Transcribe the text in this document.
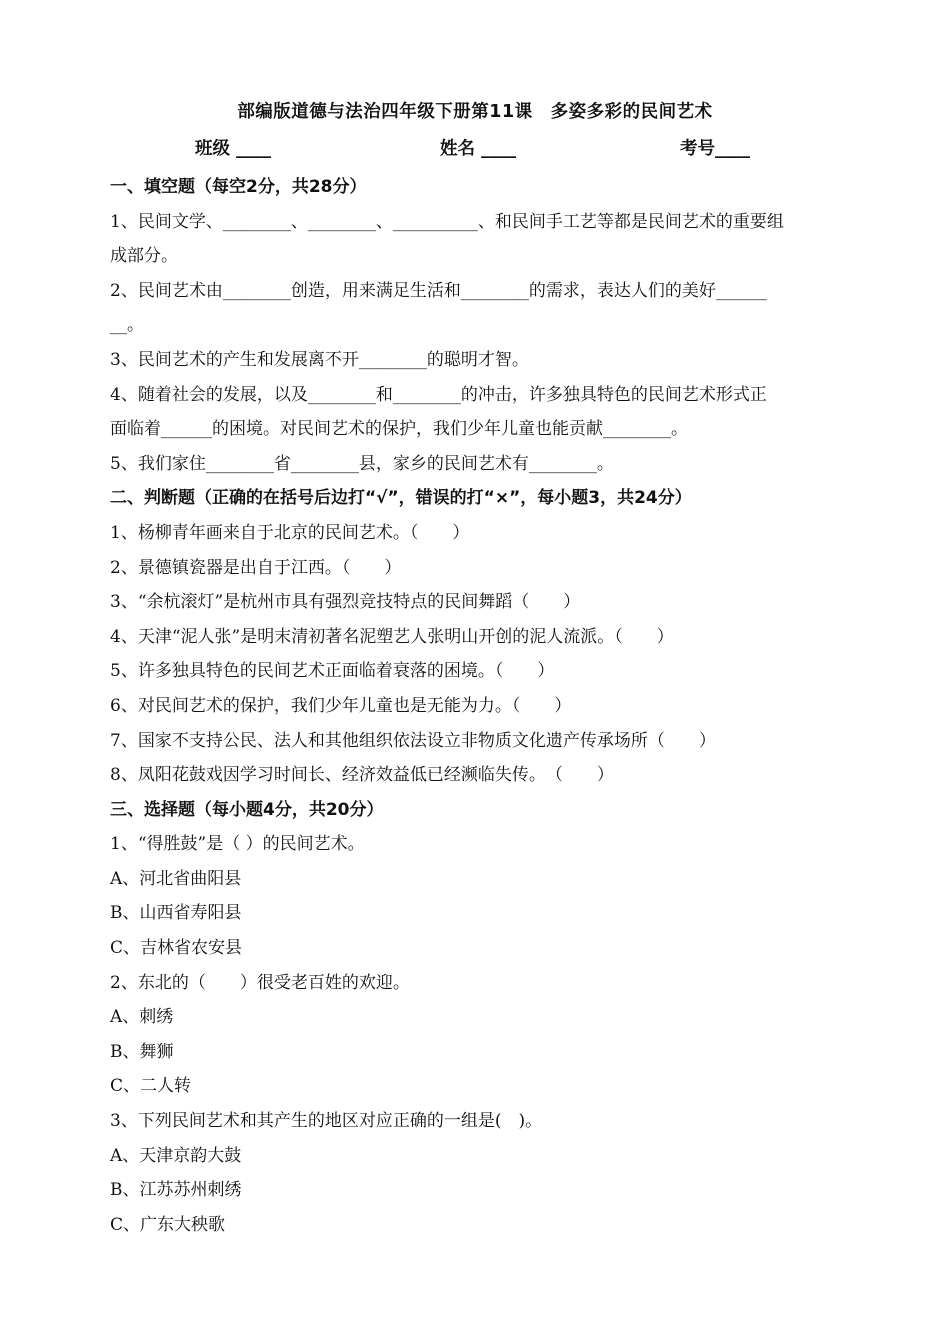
部编版道德与法治四年级下册第11课　多姿多彩的民间艺术
班级 ____	姓名 ____	考号____
一、填空题（每空2分，共28分）
1、民间文学、________、________、__________、和民间手工艺等都是民间艺术的重要组
成部分。
2、民间艺术由________创造，用来满足生活和________的需求，表达人们的美好______
__。
3、民间艺术的产生和发展离不开________的聪明才智。
4、随着社会的发展，以及________和________的冲击，许多独具特色的民间艺术形式正
面临着______的困境。对民间艺术的保护，我们少年儿童也能贡献________。
5、我们家住________省________县，家乡的民间艺术有________。
二、判断题（正确的在括号后边打“√”，错误的打“×”，每小题3，共24分）
1、杨柳青年画来自于北京的民间艺术。（　　）
2、景德镇瓷器是出自于江西。（　　）
3、“余杭滚灯”是杭州市具有强烈竞技特点的民间舞蹈（　　）
4、天津“泥人张”是明末清初著名泥塑艺人张明山开创的泥人流派。（　　）
5、许多独具特色的民间艺术正面临着衰落的困境。（　　）
6、对民间艺术的保护，我们少年儿童也是无能为力。（　　）
7、国家不支持公民、法人和其他组织依法设立非物质文化遗产传承场所（　　）
8、凤阳花鼓戏因学习时间长、经济效益低已经濒临失传。　（　　）
三、选择题（每小题4分，共20分）
1、“得胜鼓”是（ ）的民间艺术。
A、河北省曲阳县
B、山西省寿阳县
C、吉林省农安县
2、东北的（　　）很受老百姓的欢迎。
A、刺绣
B、舞狮
C、二人转
3、下列民间艺术和其产生的地区对应正确的一组是(　)。
A、天津京韵大鼓
B、江苏苏州刺绣
C、广东大秧歌
